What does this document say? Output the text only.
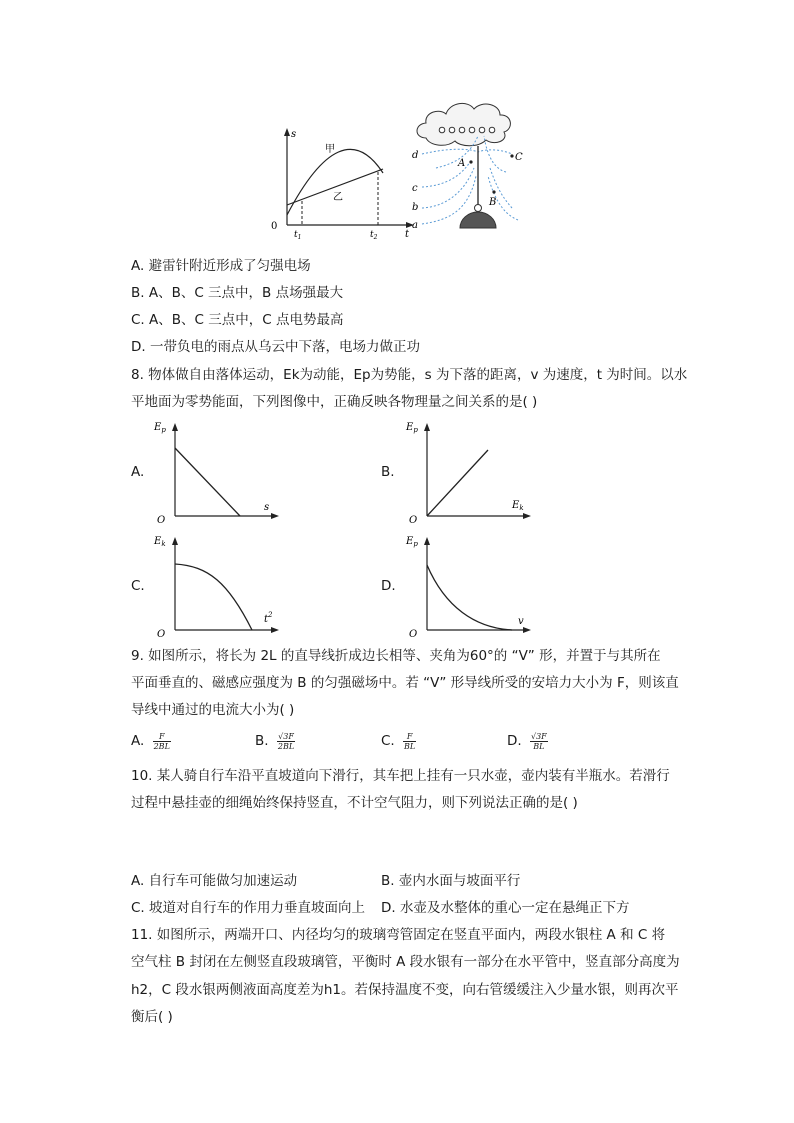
s
t
0
甲
乙
$t_1$	$t_2$
d
c
b
a
A
B
C
A. 避雷针附近形成了匀强电场
B. A、B、C 三点中，B 点场强最大
C. A、B、C 三点中，C 点电势最高
D. 一带负电的雨点从乌云中下落，电场力做正功
8. 物体做自由落体运动，Ek为动能，Ep为势能，s 为下落的距离，v 为速度，t 为时间。以水
平地面为零势能面，下列图像中，正确反映各物理量之间关系的是( )
A.
$E_p$
s
O
B.
$E_p$
$E_k$
O
C.
$E_k$
$t^2$
O
D.
$E_p$
v
O
9. 如图所示，将长为 2L 的直导线折成边长相等、夹角为60°的 “V” 形，并置于与其所在
平面垂直的、磁感应强度为 B 的匀强磁场中。若 “V” 形导线所受的安培力大小为 F，则该直
导线中通过的电流大小为( )
A. $\frac{F}{2BL}$	B. $\frac{√3F}{2BL}$	C. $\frac{F}{BL}$	D. $\frac{√3F}{BL}$
10. 某人骑自行车沿平直坡道向下滑行，其车把上挂有一只水壶，壶内装有半瓶水。若滑行
过程中悬挂壶的细绳始终保持竖直，不计空气阻力，则下列说法正确的是( )
A. 自行车可能做匀加速运动	B. 壶内水面与坡面平行
C. 坡道对自行车的作用力垂直坡面向上 D. 水壶及水整体的重心一定在悬绳正下方
11. 如图所示，两端开口、内径均匀的玻璃弯管固定在竖直平面内，两段水银柱 A 和 C 将
空气柱 B 封闭在左侧竖直段玻璃管，平衡时 A 段水银有一部分在水平管中，竖直部分高度为
h2，C 段水银两侧液面高度差为h1。若保持温度不变，向右管缓缓注入少量水银，则再次平
衡后( )
